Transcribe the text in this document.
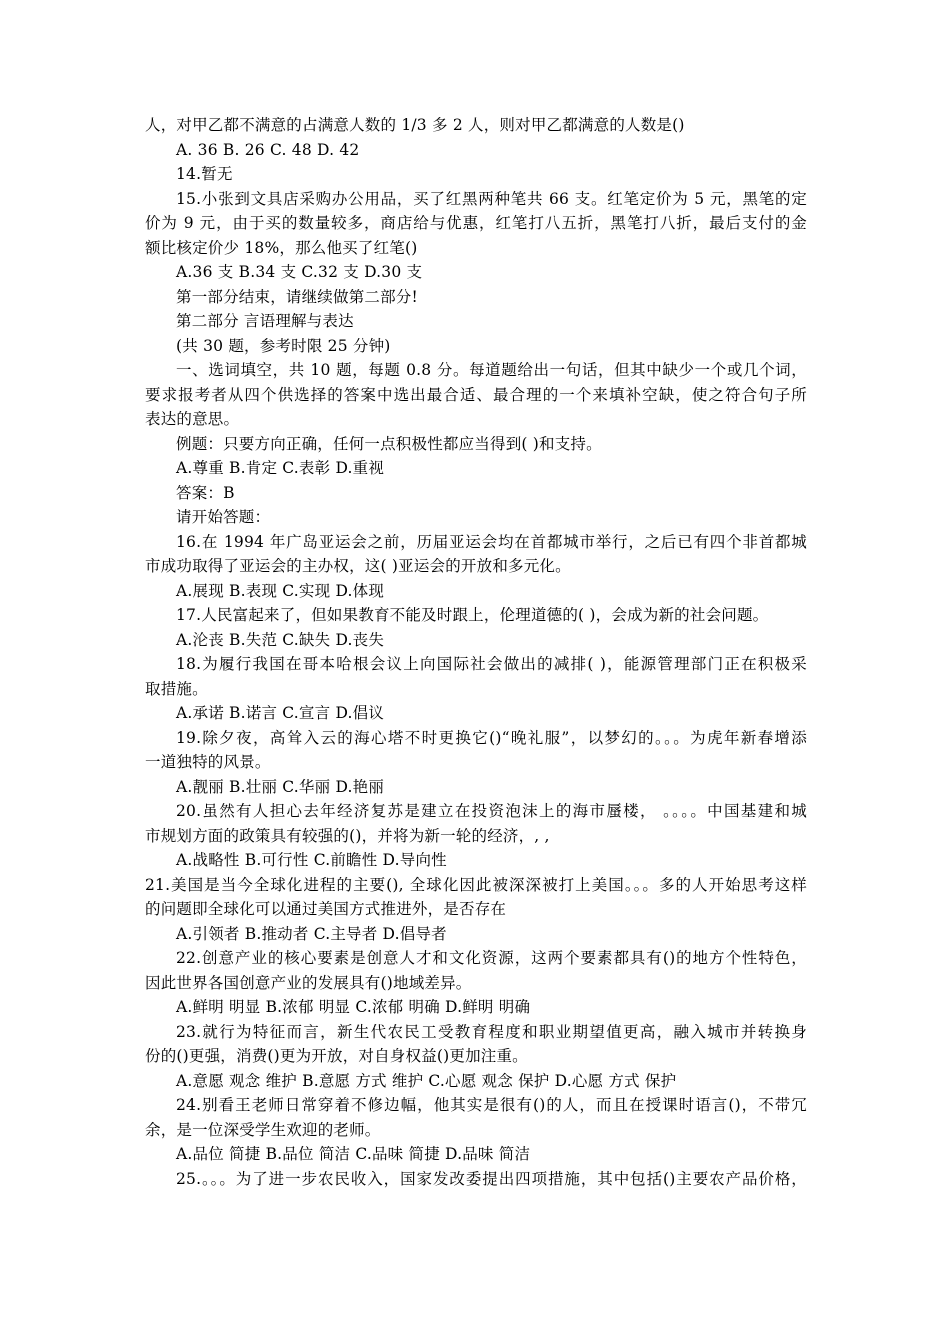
人，对甲乙都不满意的占满意人数的 1/3 多 2 人，则对甲乙都满意的人数是()
A. 36 B. 26 C. 48 D. 42
14.暂无
15.小张到文具店采购办公用品，买了红黑两种笔共 66 支。红笔定价为 5 元，黑笔的定
价为 9 元，由于买的数量较多，商店给与优惠，红笔打八五折，黑笔打八折，最后支付的金
额比核定价少 18%，那么他买了红笔()
A.36 支 B.34 支 C.32 支 D.30 支
第一部分结束，请继续做第二部分!
第二部分 言语理解与表达
(共 30 题，参考时限 25 分钟)
一、选词填空，共 10 题，每题 0.8 分。每道题给出一句话，但其中缺少一个或几个词，
要求报考者从四个供选择的答案中选出最合适、最合理的一个来填补空缺，使之符合句子所
表达的意思。
例题：只要方向正确，任何一点积极性都应当得到( )和支持。
A.尊重 B.肯定 C.表彰 D.重视
答案：B
请开始答题：
16.在 1994 年广岛亚运会之前，历届亚运会均在首都城市举行，之后已有四个非首都城
市成功取得了亚运会的主办权，这( )亚运会的开放和多元化。
A.展现 B.表现 C.实现 D.体现
17.人民富起来了，但如果教育不能及时跟上，伦理道德的( )，会成为新的社会问题。
A.沦丧 B.失范 C.缺失 D.丧失
18.为履行我国在哥本哈根会议上向国际社会做出的减排( )，能源管理部门正在积极采
取措施。
A.承诺 B.诺言 C.宣言 D.倡议
19.除夕夜，高耸入云的海心塔不时更换它()“晚礼服”，以梦幻的。。。为虎年新春增添
一道独特的风景。
A.靓丽 B.壮丽 C.华丽 D.艳丽
20.虽然有人担心去年经济复苏是建立在投资泡沫上的海市蜃楼， 。。。。中国基建和城
市规划方面的政策具有较强的()，并将为新一轮的经济，, ,
A.战略性 B.可行性 C.前瞻性 D.导向性
21.美国是当今全球化进程的主要(), 全球化因此被深深被打上美国。。。多的人开始思考这样
的问题即全球化可以通过美国方式推进外，是否存在
A.引领者 B.推动者 C.主导者 D.倡导者
22.创意产业的核心要素是创意人才和文化资源，这两个要素都具有()的地方个性特色，
因此世界各国创意产业的发展具有()地域差异。
A.鲜明 明显 B.浓郁 明显 C.浓郁 明确 D.鲜明 明确
23.就行为特征而言，新生代农民工受教育程度和职业期望值更高，融入城市并转换身
份的()更强，消费()更为开放，对自身权益()更加注重。
A.意愿 观念 维护 B.意愿 方式 维护 C.心愿 观念 保护 D.心愿 方式 保护
24.别看王老师日常穿着不修边幅，他其实是很有()的人，而且在授课时语言()，不带冗
余，是一位深受学生欢迎的老师。
A.品位 简捷 B.品位 简洁 C.品味 简捷 D.品味 简洁
25.。。。为了进一步农民收入，国家发改委提出四项措施，其中包括()主要农产品价格，
